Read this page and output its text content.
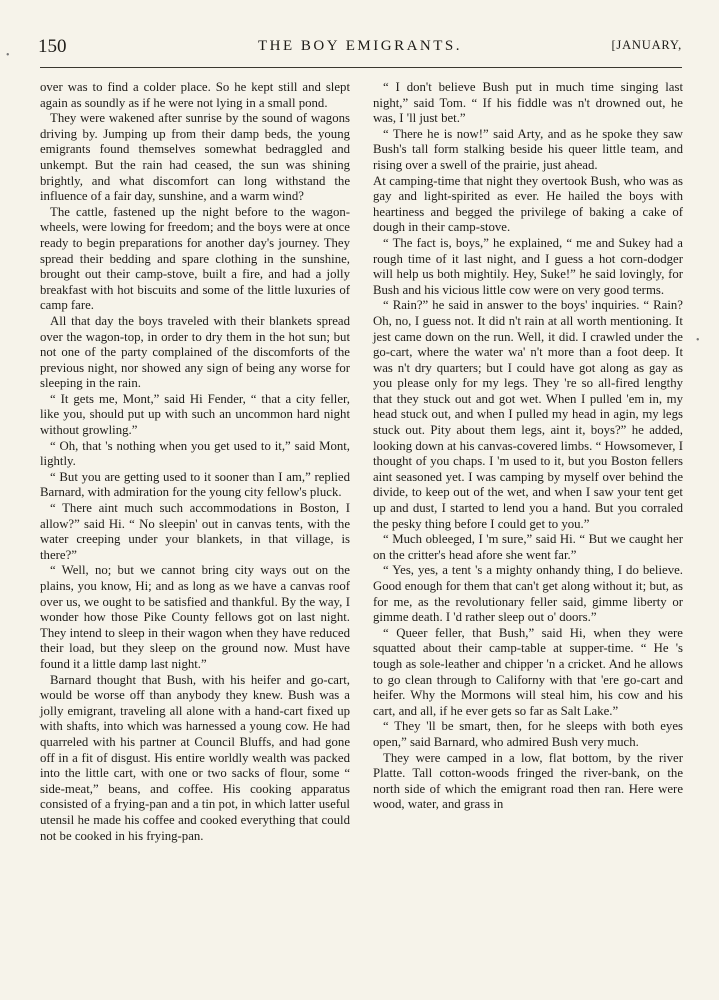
150	THE BOY EMIGRANTS.	[JANUARY,
•
•

over was to find a colder place. So he kept still and slept again as soundly as if he were not lying in a small pond.

They were wakened after sunrise by the sound of wagons driving by. Jumping up from their damp beds, the young emigrants found themselves somewhat bedraggled and unkempt. But the rain had ceased, the sun was shining brightly, and what discomfort can long withstand the influence of a fair day, sunshine, and a warm wind?

The cattle, fastened up the night before to the wagon-wheels, were lowing for freedom; and the boys were at once ready to begin preparations for another day's journey. They spread their bedding and spare clothing in the sunshine, brought out their camp-stove, built a fire, and had a jolly breakfast with hot biscuits and some of the little luxuries of camp fare.

All that day the boys traveled with their blankets spread over the wagon-top, in order to dry them in the hot sun; but not one of the party complained of the discomforts of the previous night, nor showed any sign of being any worse for sleeping in the rain.

“ It gets me, Mont,” said Hi Fender, “ that a city feller, like you, should put up with such an uncommon hard night without growling.”

“ Oh, that 's nothing when you get used to it,” said Mont, lightly.

“ But you are getting used to it sooner than I am,” replied Barnard, with admiration for the young city fellow's pluck.

“ There aint much such accommodations in Boston, I allow?” said Hi. “ No sleepin' out in canvas tents, with the water creeping under your blankets, in that village, is there?”

“ Well, no; but we cannot bring city ways out on the plains, you know, Hi; and as long as we have a canvas roof over us, we ought to be satisfied and thankful. By the way, I wonder how those Pike County fellows got on last night. They intend to sleep in their wagon when they have reduced their load, but they sleep on the ground now. Must have found it a little damp last night.”

Barnard thought that Bush, with his heifer and go-cart, would be worse off than anybody they knew. Bush was a jolly emigrant, traveling all alone with a hand-cart fixed up with shafts, into which was harnessed a young cow. He had quarreled with his partner at Council Bluffs, and had gone off in a fit of disgust. His entire worldly wealth was packed into the little cart, with one or two sacks of flour, some “ side-meat,” beans, and coffee. His cooking apparatus consisted of a frying-pan and a tin pot, in which latter useful utensil he made his coffee and cooked everything that could not be cooked in his frying-pan.

“ I don't believe Bush put in much time singing last night,” said Tom. “ If his fiddle was n't drowned out, he was, I 'll just bet.”

“ There he is now!” said Arty, and as he spoke they saw Bush's tall form stalking beside his queer little team, and rising over a swell of the prairie, just ahead.

At camping-time that night they overtook Bush, who was as gay and light-spirited as ever. He hailed the boys with heartiness and begged the privilege of baking a cake of dough in their camp-stove.

“ The fact is, boys,” he explained, “ me and Sukey had a rough time of it last night, and I guess a hot corn-dodger will help us both mightily. Hey, Suke!” he said lovingly, for Bush and his vicious little cow were on very good terms.

“ Rain?” he said in answer to the boys' inquiries. “ Rain? Oh, no, I guess not. It did n't rain at all worth mentioning. It jest came down on the run. Well, it did. I crawled under the go-cart, where the water wa' n't more than a foot deep. It was n't dry quarters; but I could have got along as gay as you please only for my legs. They 're so all-fired lengthy that they stuck out and got wet. When I pulled 'em in, my head stuck out, and when I pulled my head in agin, my legs stuck out. Pity about them legs, aint it, boys?” he added, looking down at his canvas-covered limbs. “ Howsomever, I thought of you chaps. I 'm used to it, but you Boston fellers aint seasoned yet. I was camping by myself over behind the divide, to keep out of the wet, and when I saw your tent get up and dust, I started to lend you a hand. But you corraled the pesky thing before I could get to you.”

“ Much obleeged, I 'm sure,” said Hi. “ But we caught her on the critter's head afore she went far.”

“ Yes, yes, a tent 's a mighty onhandy thing, I do believe. Good enough for them that can't get along without it; but, as for me, as the revolutionary feller said, gimme liberty or gimme death. I 'd rather sleep out o' doors.”

“ Queer feller, that Bush,” said Hi, when they were squatted about their camp-table at supper-time. “ He 's tough as sole-leather and chipper 'n a cricket. And he allows to go clean through to Californy with that 'ere go-cart and heifer. Why the Mormons will steal him, his cow and his cart, and all, if he ever gets so far as Salt Lake.”

“ They 'll be smart, then, for he sleeps with both eyes open,” said Barnard, who admired Bush very much.

They were camped in a low, flat bottom, by the river Platte. Tall cotton-woods fringed the river-bank, on the north side of which the emigrant road then ran. Here were wood, water, and grass in
